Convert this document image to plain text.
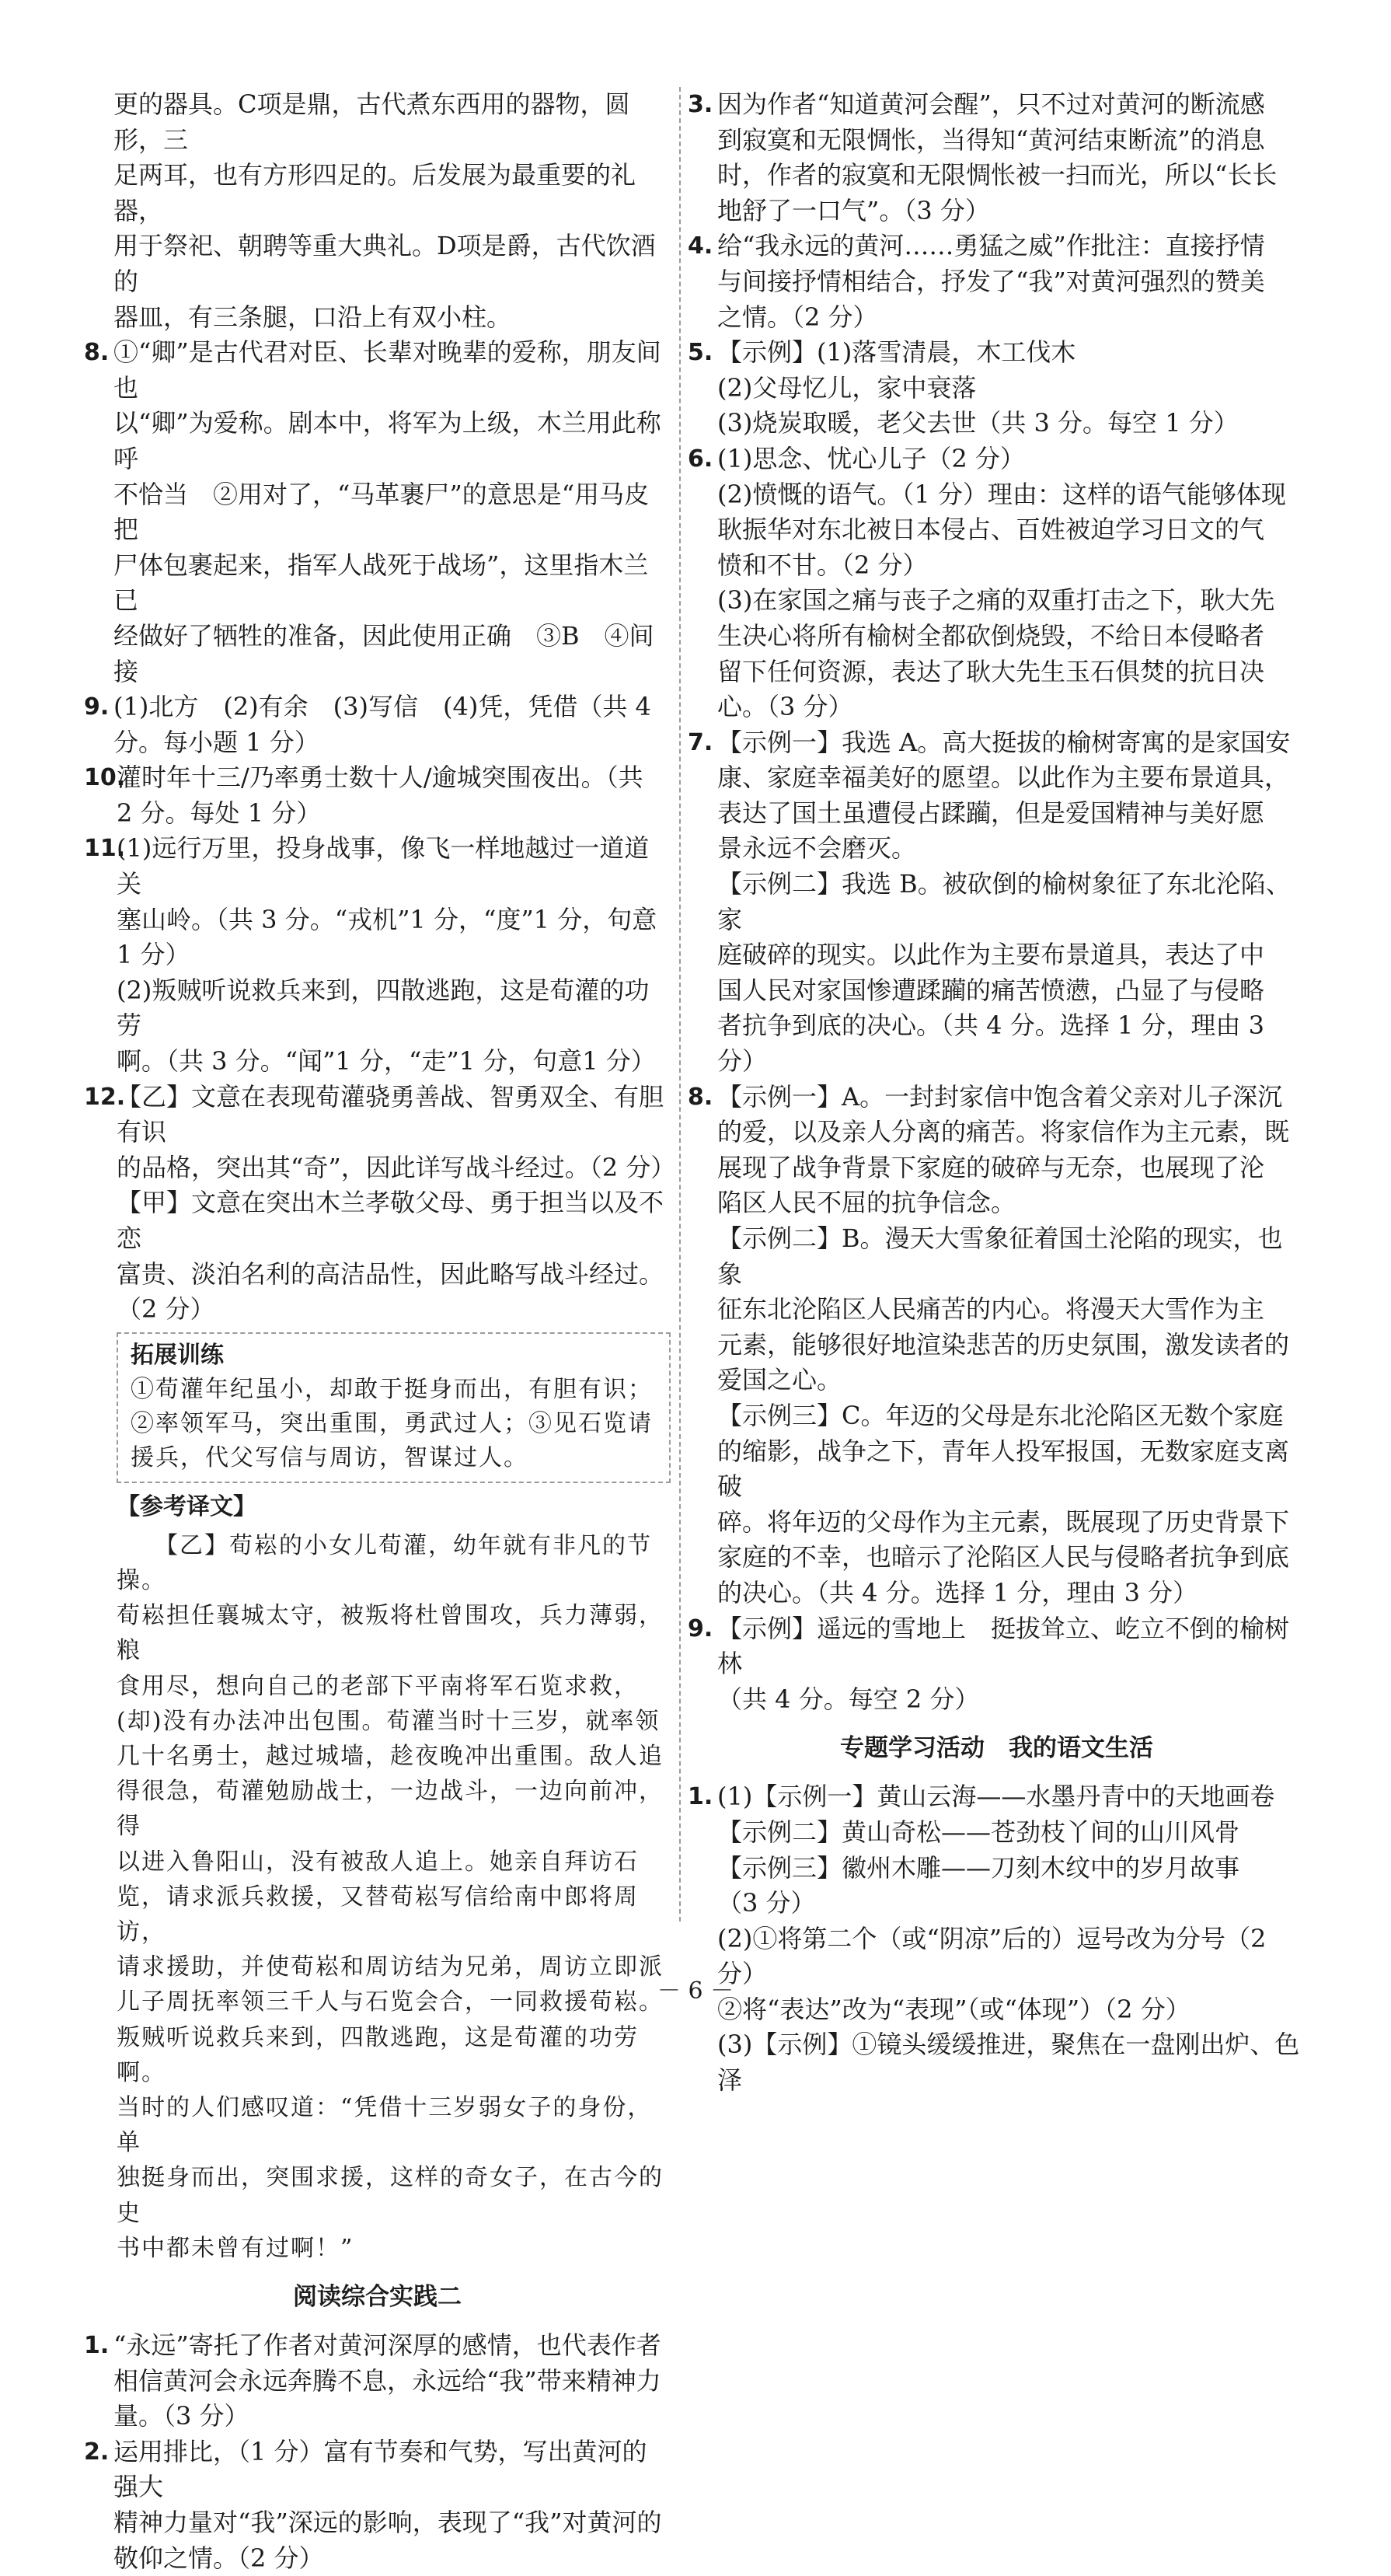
更的器具。C项是鼎，古代煮东西用的器物，圆形，三

足两耳，也有方形四足的。后发展为最重要的礼器，

用于祭祀、朝聘等重大典礼。D项是爵，古代饮酒的

器皿，有三条腿，口沿上有双小柱。

8. ①“卿”是古代君对臣、长辈对晚辈的爱称，朋友间也

以“卿”为爱称。剧本中，将军为上级，木兰用此称呼

不恰当　②用对了，“马革裹尸”的意思是“用马皮把

尸体包裹起来，指军人战死于战场”，这里指木兰已

经做好了牺牲的准备，因此使用正确　③B　④间接

9. (1)北方　(2)有余　(3)写信　(4)凭，凭借（共 4

分。每小题 1 分）

10.

灌时年十三/乃率勇士数十人/逾城突围夜出。（共

2 分。每处 1 分）

11.

(1)远行万里，投身战事，像飞一样地越过一道道关

塞山岭。（共 3 分。“戎机”1 分，“度”1 分，句意

1 分）

(2)叛贼听说救兵来到，四散逃跑，这是荀灌的功劳

啊。（共 3 分。“闻”1 分，“走”1 分，句意1 分）

12.

【乙】文意在表现荀灌骁勇善战、智勇双全、有胆有识

的品格，突出其“奇”，因此详写战斗经过。（2 分）

【甲】文意在突出木兰孝敬父母、勇于担当以及不恋

富贵、淡泊名利的高洁品性，因此略写战斗经过。

（2 分）

拓展训练
①荀灌年纪虽小，却敢于挺身而出，有胆有识；
②率领军马，突出重围，勇武过人；③见石览请
援兵，代父写信与周访，智谋过人。
【参考译文】
　　【乙】荀崧的小女儿荀灌，幼年就有非凡的节操。
荀崧担任襄城太守，被叛将杜曾围攻，兵力薄弱，粮
食用尽，想向自己的老部下平南将军石览求救，
(却)没有办法冲出包围。荀灌当时十三岁，就率领
几十名勇士，越过城墙，趁夜晚冲出重围。敌人追
得很急，荀灌勉励战士，一边战斗，一边向前冲，得
以进入鲁阳山，没有被敌人追上。她亲自拜访石
览，请求派兵救援，又替荀崧写信给南中郎将周访，
请求援助，并使荀崧和周访结为兄弟，周访立即派
儿子周抚率领三千人与石览会合，一同救援荀崧。
叛贼听说救兵来到，四散逃跑，这是荀灌的功劳啊。
当时的人们感叹道：“凭借十三岁弱女子的身份，单
独挺身而出，突围求援，这样的奇女子，在古今的史
书中都未曾有过啊！”
阅读综合实践二
1. “永远”寄托了作者对黄河深厚的感情，也代表作者

相信黄河会永远奔腾不息，永远给“我”带来精神力

量。（3 分）

2. 运用排比，（1 分）富有节奏和气势，写出黄河的强大

精神力量对“我”深远的影响，表现了“我”对黄河的

敬仰之情。（2 分）

3. 因为作者“知道黄河会醒”，只不过对黄河的断流感

到寂寞和无限惆怅，当得知“黄河结束断流”的消息

时，作者的寂寞和无限惆怅被一扫而光，所以“长长

地舒了一口气”。（3 分）

4. 给“我永远的黄河……勇猛之威”作批注：直接抒情

与间接抒情相结合，抒发了“我”对黄河强烈的赞美

之情。（2 分）

5. 【示例】(1)落雪清晨，木工伐木

(2)父母忆儿，家中衰落

(3)烧炭取暖，老父去世（共 3 分。每空 1 分）

6. (1)思念、忧心儿子（2 分）

(2)愤慨的语气。（1 分）理由：这样的语气能够体现

耿振华对东北被日本侵占、百姓被迫学习日文的气

愤和不甘。（2 分）

(3)在家国之痛与丧子之痛的双重打击之下，耿大先

生决心将所有榆树全都砍倒烧毁，不给日本侵略者

留下任何资源，表达了耿大先生玉石俱焚的抗日决

心。（3 分）

7. 【示例一】我选 A。高大挺拔的榆树寄寓的是家国安

康、家庭幸福美好的愿望。以此作为主要布景道具，

表达了国土虽遭侵占蹂躏，但是爱国精神与美好愿

景永远不会磨灭。

【示例二】我选 B。被砍倒的榆树象征了东北沦陷、家

庭破碎的现实。以此作为主要布景道具，表达了中

国人民对家国惨遭蹂躏的痛苦愤懑，凸显了与侵略

者抗争到底的决心。（共 4 分。选择 1 分，理由 3 分）

8. 【示例一】A。一封封家信中饱含着父亲对儿子深沉

的爱，以及亲人分离的痛苦。将家信作为主元素，既

展现了战争背景下家庭的破碎与无奈，也展现了沦

陷区人民不屈的抗争信念。

【示例二】B。漫天大雪象征着国土沦陷的现实，也象

征东北沦陷区人民痛苦的内心。将漫天大雪作为主

元素，能够很好地渲染悲苦的历史氛围，激发读者的

爱国之心。

【示例三】C。年迈的父母是东北沦陷区无数个家庭

的缩影，战争之下，青年人投军报国，无数家庭支离破

碎。将年迈的父母作为主元素，既展现了历史背景下

家庭的不幸，也暗示了沦陷区人民与侵略者抗争到底

的决心。（共 4 分。选择 1 分，理由 3 分）

9. 【示例】遥远的雪地上　挺拔耸立、屹立不倒的榆树林

（共 4 分。每空 2 分）

专题学习活动　我的语文生活
1. (1)【示例一】黄山云海——水墨丹青中的天地画卷

【示例二】黄山奇松——苍劲枝丫间的山川风骨

【示例三】徽州木雕——刀刻木纹中的岁月故事

（3 分）

(2)①将第二个（或“阴凉”后的）逗号改为分号（2 分）

②将“表达”改为“表现”（或“体现”）（2 分）

(3)【示例】①镜头缓缓推进，聚焦在一盘刚出炉、色泽

－ 6 －
